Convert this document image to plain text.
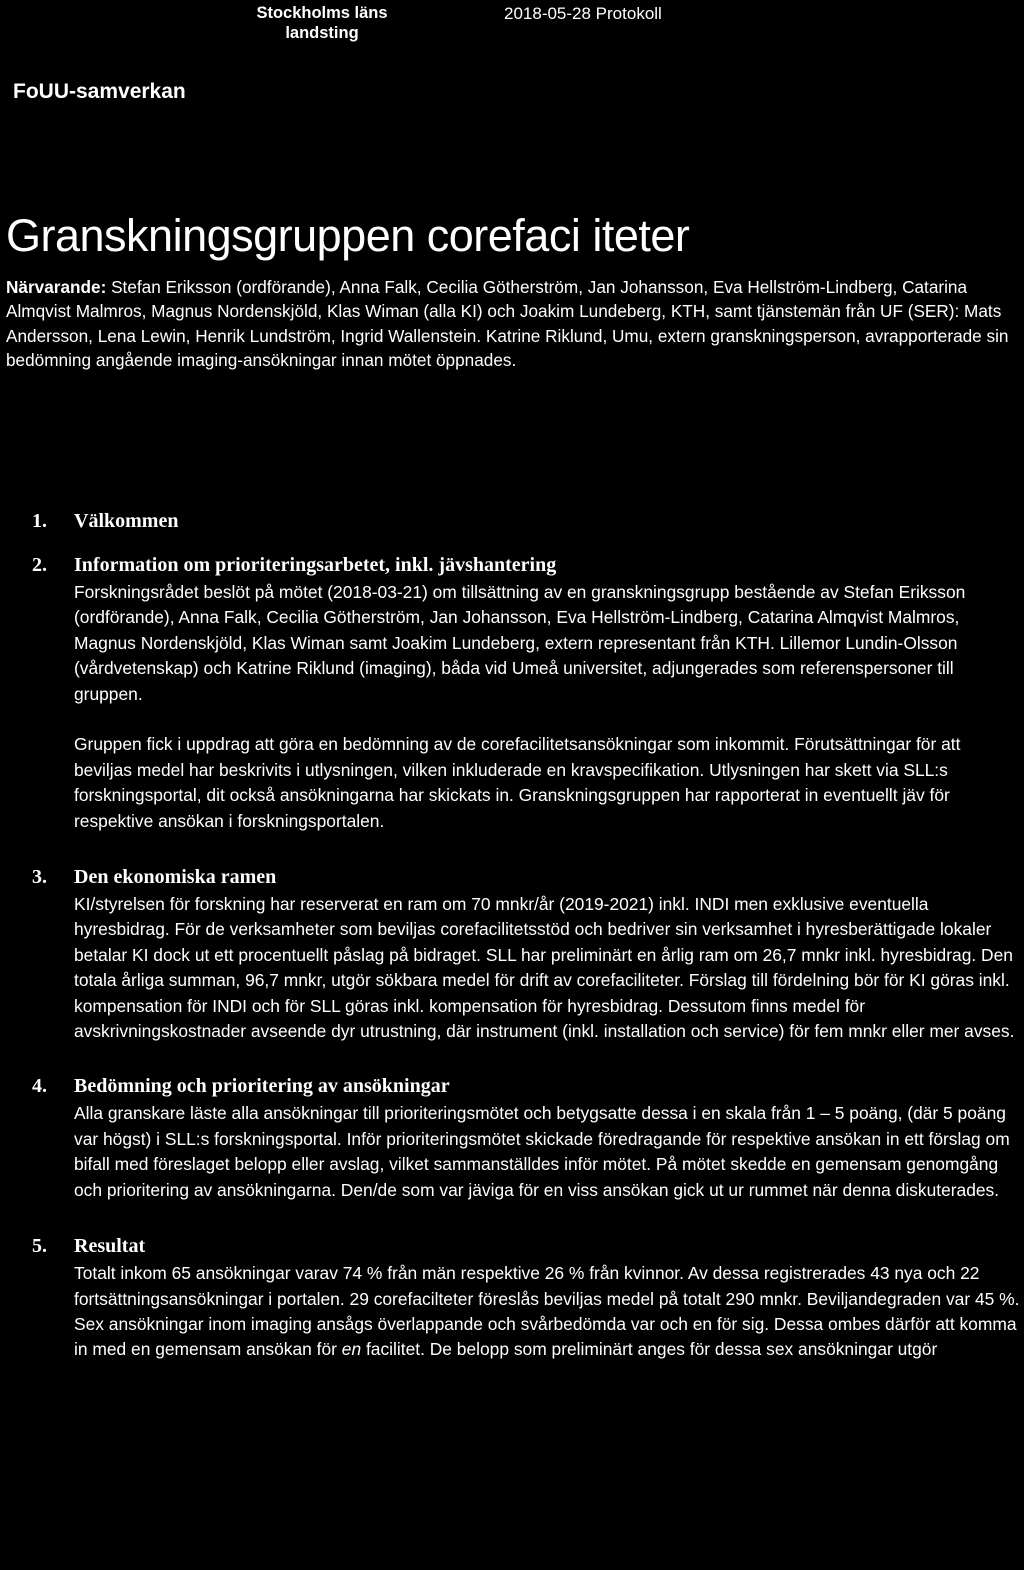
Stockholms läns
landsting
2018-05-28 Protokoll
FoUU-samverkan
Granskningsgruppen corefaci iteter
Närvarande: Stefan Eriksson (ordförande), Anna Falk, Cecilia Götherström, Jan Johansson, Eva Hellström-Lindberg, Catarina Almqvist Malmros, Magnus Nordenskjöld, Klas Wiman (alla KI) och Joakim Lundeberg, KTH, samt tjänstemän från UF (SER): Mats Andersson, Lena Lewin, Henrik Lundström, Ingrid Wallenstein. Katrine Riklund, Umu, extern granskningsperson, avrapporterade sin bedömning angående imaging-ansökningar innan mötet öppnades.
1. Välkommen
2. Information om prioriteringsarbetet, inkl. jävshantering

Forskningsrådet beslöt på mötet (2018-03-21) om tillsättning av en granskningsgrupp bestående av Stefan Eriksson (ordförande), Anna Falk, Cecilia Götherström, Jan Johansson, Eva Hellström-Lindberg, Catarina Almqvist Malmros, Magnus Nordenskjöld, Klas Wiman samt Joakim Lundeberg, extern representant från KTH. Lillemor Lundin-Olsson (vårdvetenskap) och Katrine Riklund (imaging), båda vid Umeå universitet, adjungerades som referenspersoner till gruppen.

Gruppen fick i uppdrag att göra en bedömning av de corefacilitetsansökningar som inkommit. Förutsättningar för att beviljas medel har beskrivits i utlysningen, vilken inkluderade en kravspecifikation. Utlysningen har skett via SLL:s forskningsportal, dit också ansökningarna har skickats in. Granskningsgruppen har rapporterat in eventuellt jäv för respektive ansökan i forskningsportalen.

3. Den ekonomiska ramen

KI/styrelsen för forskning har reserverat en ram om 70 mnkr/år (2019-2021) inkl. INDI men exklusive eventuella hyresbidrag. För de verksamheter som beviljas corefacilitetsstöd och bedriver sin verksamhet i hyresberättigade lokaler betalar KI dock ut ett procentuellt påslag på bidraget. SLL har preliminärt en årlig ram om 26,7 mnkr inkl. hyresbidrag. Den totala årliga summan, 96,7 mnkr, utgör sökbara medel för drift av corefaciliteter. Förslag till fördelning bör för KI göras inkl. kompensation för INDI och för SLL göras inkl. kompensation för hyresbidrag. Dessutom finns medel för avskrivningskostnader avseende dyr utrustning, där instrument (inkl. installation och service) för fem mnkr eller mer avses.

4. Bedömning och prioritering av ansökningar

Alla granskare läste alla ansökningar till prioriteringsmötet och betygsatte dessa i en skala från 1 – 5 poäng, (där 5 poäng var högst) i SLL:s forskningsportal. Inför prioriteringsmötet skickade föredragande för respektive ansökan in ett förslag om bifall med föreslaget belopp eller avslag, vilket sammanställdes inför mötet. På mötet skedde en gemensam genomgång och prioritering av ansökningarna. Den/de som var jäviga för en viss ansökan gick ut ur rummet när denna diskuterades.

5. Resultat

Totalt inkom 65 ansökningar varav 74 % från män respektive 26 % från kvinnor. Av dessa registrerades 43 nya och 22 fortsättningsansökningar i portalen. 29 corefacilteter föreslås beviljas medel på totalt 290 mnkr. Beviljandegraden var 45 %. Sex ansökningar inom imaging ansågs överlappande och svårbedömda var och en för sig. Dessa ombes därför att komma in med en gemensam ansökan för en facilitet. De belopp som preliminärt anges för dessa sex ansökningar utgör
